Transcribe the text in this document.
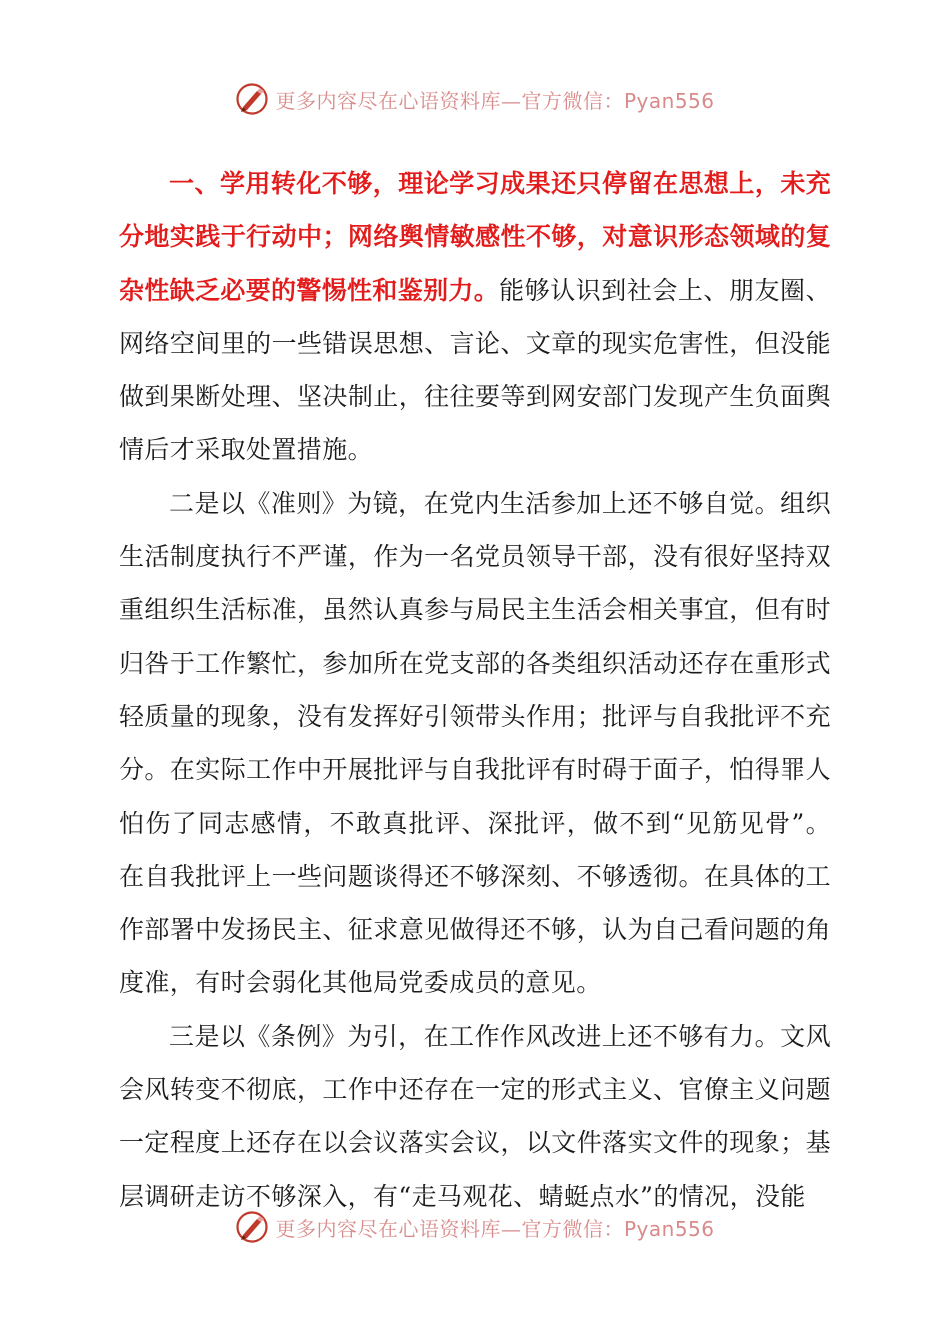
更多内容尽在心语资料库—官方微信：Pyan556

一、学用转化不够，理论学习成果还只停留在思想上，未充分地实践于行动中；网络舆情敏感性不够，对意识形态领域的复杂性缺乏必要的警惕性和鉴别力。能够认识到社会上、朋友圈、网络空间里的一些错误思想、言论、文章的现实危害性，但没能做到果断处理、坚决制止，往往要等到网安部门发现产生负面舆情后才采取处置措施。

二是以《准则》为镜，在党内生活参加上还不够自觉。组织生活制度执行不严谨，作为一名党员领导干部，没有很好坚持双重组织生活标准，虽然认真参与局民主生活会相关事宜，但有时归咎于工作繁忙，参加所在党支部的各类组织活动还存在重形式轻质量的现象，没有发挥好引领带头作用；批评与自我批评不充分。在实际工作中开展批评与自我批评有时碍于面子，怕得罪人怕伤了同志感情，不敢真批评、深批评，做不到“见筋见骨”。在自我批评上一些问题谈得还不够深刻、不够透彻。在具体的工作部署中发扬民主、征求意见做得还不够，认为自己看问题的角度准，有时会弱化其他局党委成员的意见。

三是以《条例》为引，在工作作风改进上还不够有力。文风会风转变不彻底，工作中还存在一定的形式主义、官僚主义问题一定程度上还存在以会议落实会议，以文件落实文件的现象；基层调研走访不够深入，有“走马观花、蜻蜓点水”的情况，没能

更多内容尽在心语资料库—官方微信：Pyan556
